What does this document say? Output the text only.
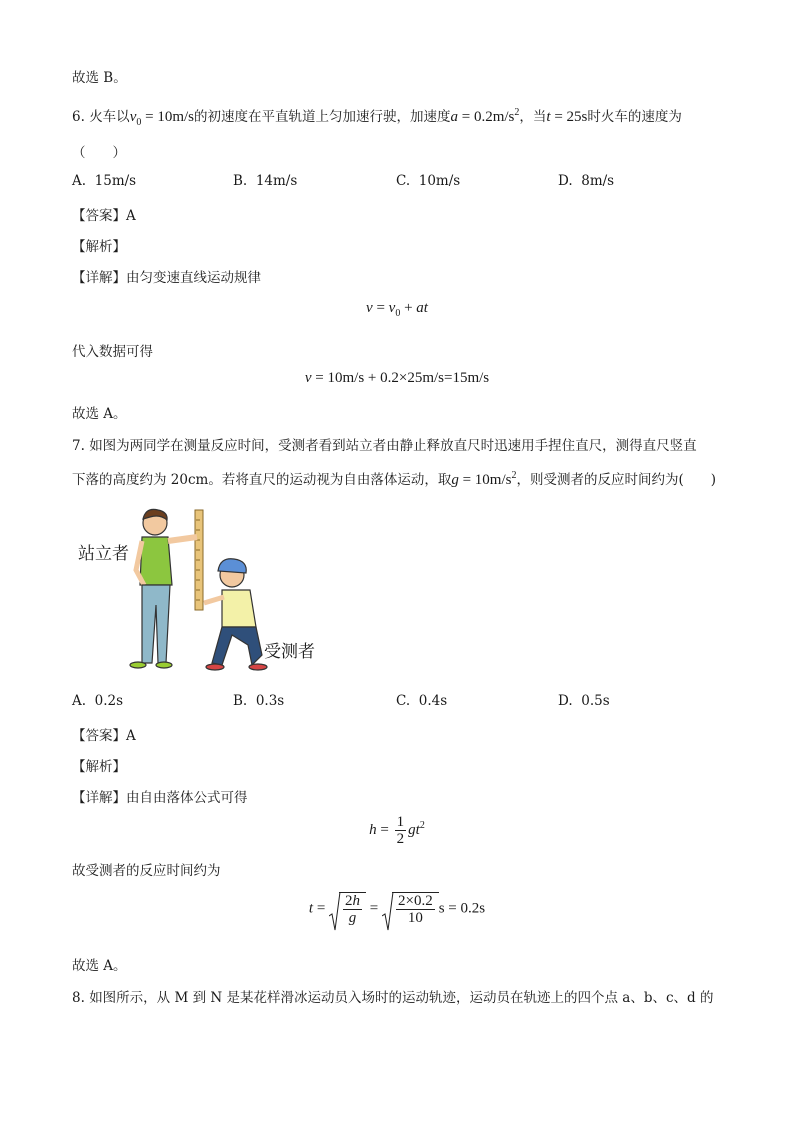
故选 B。
6. 火车以$v_0 = 10m/s$的初速度在平直轨道上匀加速行驶，加速度$a = 0.2m/s^2$，当t = 25s时火车的速度为
（　　）
A. 15m/s	B. 14m/s	C. 10m/s	D. 8m/s
【答案】A
【解析】
【详解】由匀变速直线运动规律
$v = v_0$ + at
代入数据可得
v = 10m/s + 0.2×25m/s=15m/s
故选 A。
7. 如图为两同学在测量反应时间，受测者看到站立者由静止释放直尺时迅速用手捏住直尺，测得直尺竖直
下落的高度约为 20cm。若将直尺的运动视为自由落体运动，取$g = 10m/s^2$，则受测者的反应时间约为(　　)
站立者
受测者
A. 0.2s	B. 0.3s	C. 0.4s	D. 0.5s
【答案】A
【解析】
【详解】由自由落体公式可得
$h = \frac{1}{2} gt^2$
故受测者的反应时间约为
$t = \frac{2h}{g} = \frac{2\times 0.2}{10}$ s = 0.2s
故选 A。
8. 如图所示，从 M 到 N 是某花样滑冰运动员入场时的运动轨迹，运动员在轨迹上的四个点 a、b、c、d 的
